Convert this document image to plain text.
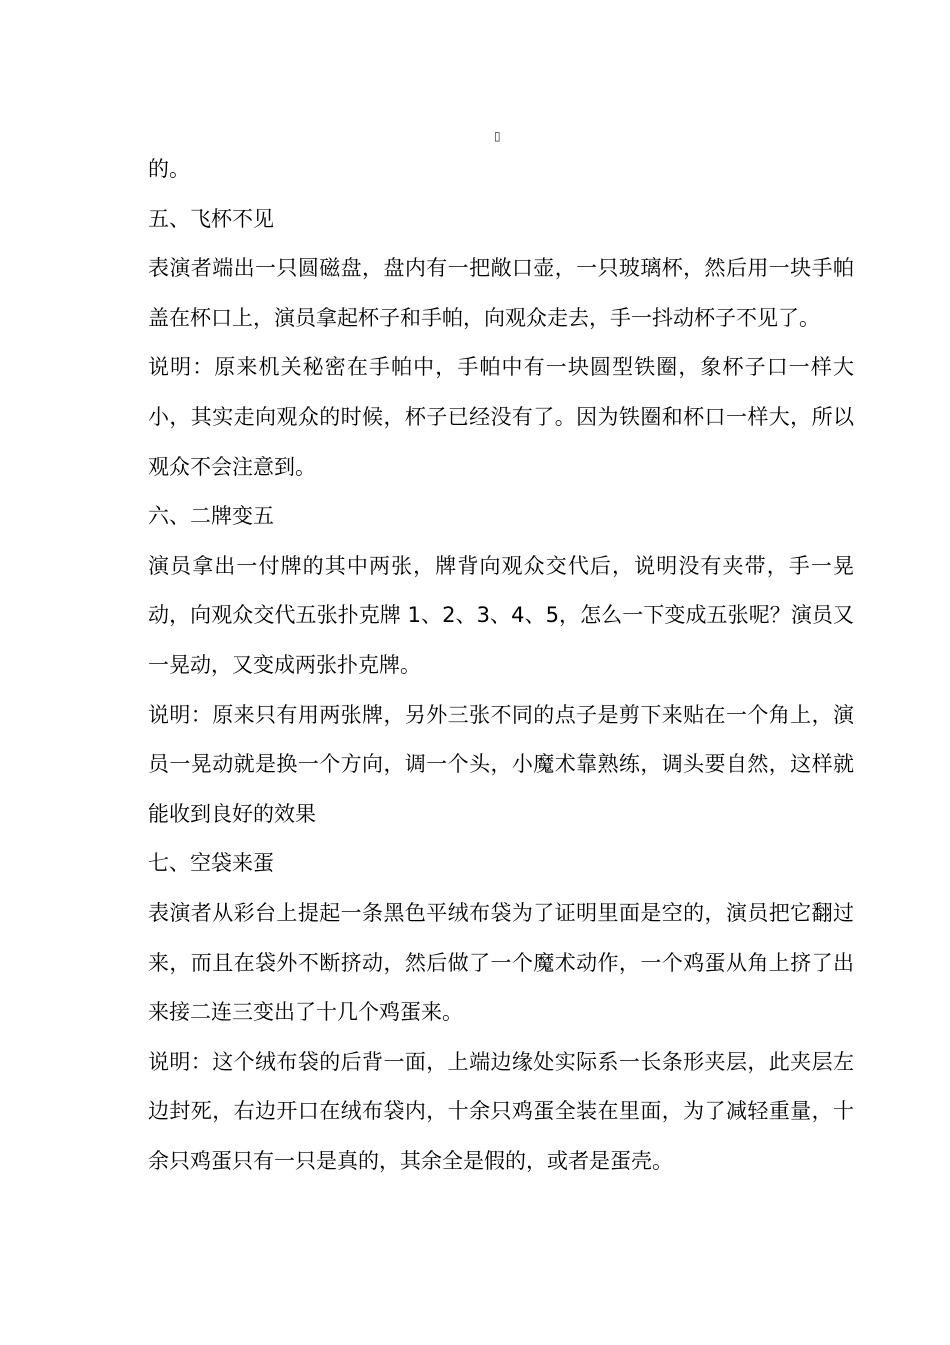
▯

的。

五、飞杯不见

表演者端出一只圆磁盘，盘内有一把敞口壶，一只玻璃杯，然后用一块手帕盖在杯口上，演员拿起杯子和手帕，向观众走去，手一抖动杯子不见了。

说明：原来机关秘密在手帕中，手帕中有一块圆型铁圈，象杯子口一样大小，其实走向观众的时候，杯子已经没有了。因为铁圈和杯口一样大，所以观众不会注意到。

六、二牌变五

演员拿出一付牌的其中两张，牌背向观众交代后，说明没有夹带，手一晃动，向观众交代五张扑克牌 1、2、3、4、5，怎么一下变成五张呢？演员又一晃动，又变成两张扑克牌。

说明：原来只有用两张牌，另外三张不同的点子是剪下来贴在一个角上，演员一晃动就是换一个方向，调一个头，小魔术靠熟练，调头要自然，这样就能收到良好的效果

七、空袋来蛋

表演者从彩台上提起一条黑色平绒布袋为了证明里面是空的，演员把它翻过来，而且在袋外不断挤动，然后做了一个魔术动作，一个鸡蛋从角上挤了出来接二连三变出了十几个鸡蛋来。

说明：这个绒布袋的后背一面，上端边缘处实际系一长条形夹层，此夹层左边封死，右边开口在绒布袋内，十余只鸡蛋全装在里面，为了减轻重量，十余只鸡蛋只有一只是真的，其余全是假的，或者是蛋壳。
